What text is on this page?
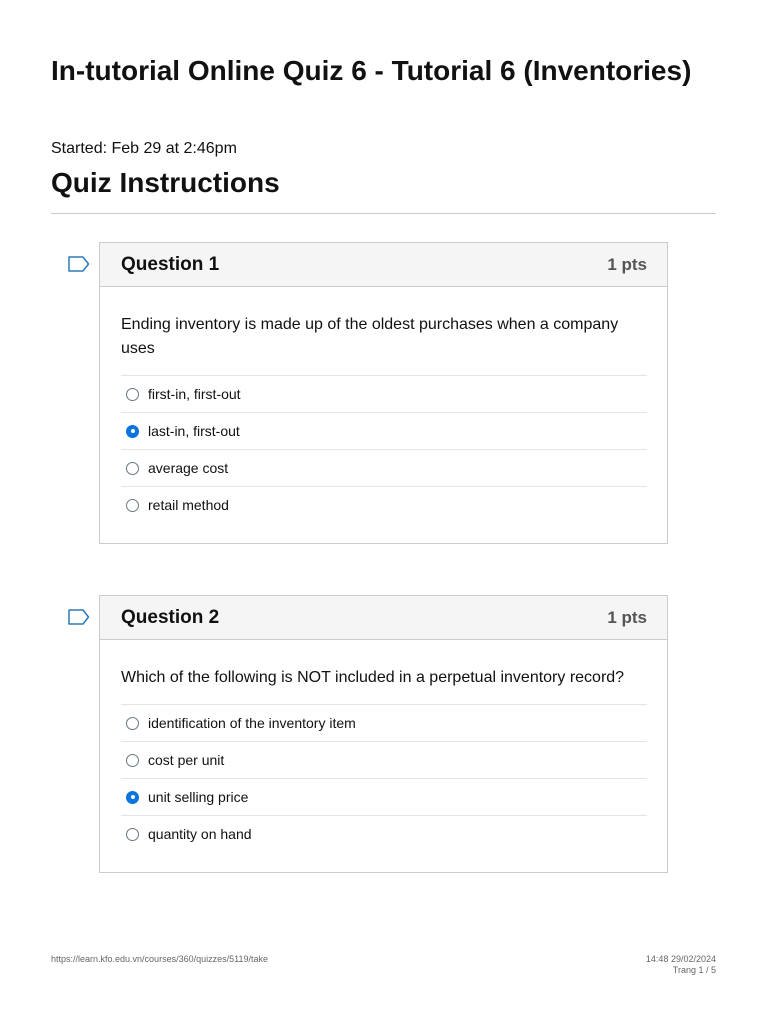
In-tutorial Online Quiz 6 - Tutorial 6 (Inventories)
Started: Feb 29 at 2:46pm
Quiz Instructions
Question 1	1 pts

Ending inventory is made up of the oldest purchases when a company uses

first-in, first-out
last-in, first-out
average cost
retail method
Question 2	1 pts

Which of the following is NOT included in a perpetual inventory record?

identification of the inventory item
cost per unit
unit selling price
quantity on hand
https://learn.kfo.edu.vn/courses/360/quizzes/5119/take	14:48 29/02/2024
Trang 1 / 5
